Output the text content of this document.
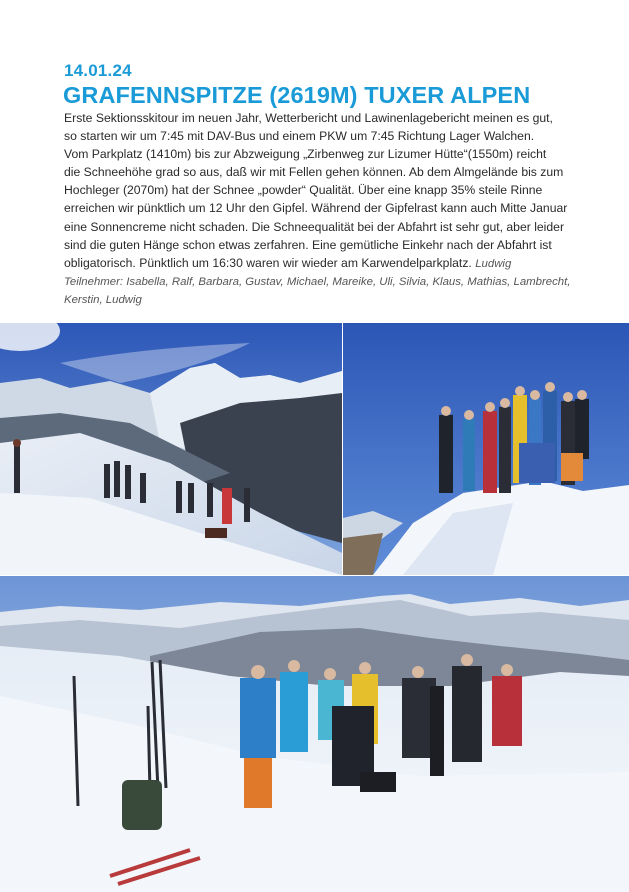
14.01.24
GRAFENNSPITZE (2619M) TUXER ALPEN

Erste Sektionsskitour im neuen Jahr, Wetterbericht und Lawinenlagebericht meinen es gut,

so starten wir um 7:45 mit DAV-Bus und einem PKW um 7:45 Richtung Lager Walchen.

Vom Parkplatz (1410m) bis zur Abzweigung „Zirbenweg zur Lizumer Hütte“(1550m) reicht

die Schneehöhe grad so aus, daß wir mit Fellen gehen können. Ab dem Almgelände bis zum

Hochleger (2070m) hat der Schnee „powder“ Qualität. Über eine knapp 35% steile Rinne

erreichen wir pünktlich um 12 Uhr den Gipfel. Während der Gipfelrast kann auch Mitte Januar

eine Sonnencreme nicht schaden. Die Schneequalität bei der Abfahrt ist sehr gut, aber leider

sind die guten Hänge schon etwas zerfahren. Eine gemütliche Einkehr nach der Abfahrt ist

obligatorisch. Pünktlich um 16:30 waren wir wieder am Karwendelparkplatz. Ludwig

Teilnehmer: Isabella, Ralf, Barbara, Gustav, Michael, Mareike, Uli, Silvia, Klaus, Mathias, Lambrecht,

Kerstin, Ludwig
